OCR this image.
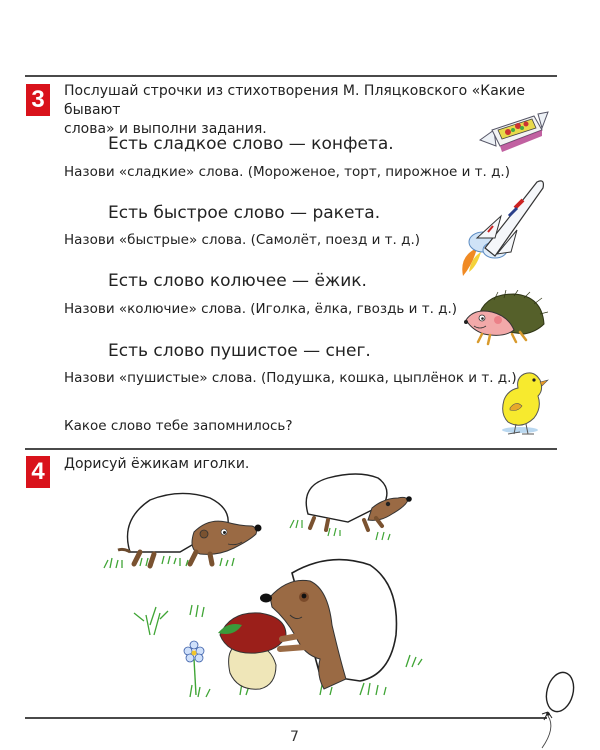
3	Послушай строчки из стихотворения М. Пляцковского «Какие бывают
слова» и выполни задания.
Есть сладкое слово — конфета.
Назови «сладкие» слова. (Мороженое, торт, пирожное и т. д.)
Есть быстрое слово — ракета.
Назови «быстрые» слова. (Самолёт, поезд и т. д.)
Есть слово колючее — ёжик.
Назови «колючие» слова. (Иголка, ёлка, гвоздь и т. д.)
Есть слово пушистое — снег.
Назови «пушистые» слова. (Подушка, кошка, цыплёнок и т. д.)
Какое слово тебе запомнилось?
4	Дорисуй ёжикам иголки.
7
